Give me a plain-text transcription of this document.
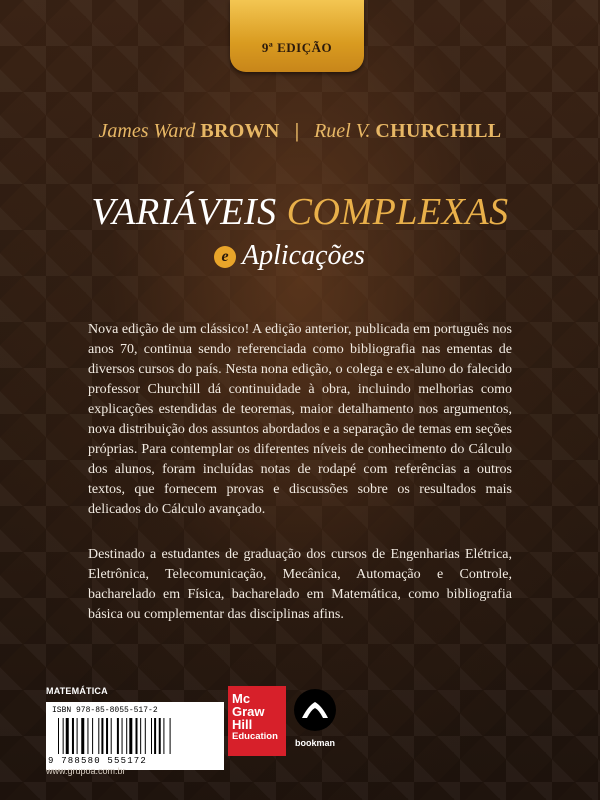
9ª EDIÇÃO
James Ward BROWN | Ruel V. CHURCHILL
VARIÁVEIS COMPLEXAS
e Aplicações

Nova edição de um clássico! A edição anterior, publicada em português nos anos 70, continua sendo referenciada como bibliografia nas ementas de diversos cursos do país. Nesta nona edição, o colega e ex-aluno do falecido professor Churchill dá continuidade à obra, incluindo melhorias como explicações estendidas de teoremas, maior detalhamento nos argumentos, nova distribuição dos assuntos abordados e a separação de temas em seções próprias. Para contemplar os diferentes níveis de conhecimento do Cálculo dos alunos, foram incluídas notas de rodapé com referências a outros textos, que fornecem provas e discussões sobre os resultados mais delicados do Cálculo avançado.

Destinado a estudantes de graduação dos cursos de Engenharias Elétrica, Eletrônica, Telecomunicação, Mecânica, Automação e Controle, bacharelado em Física, bacharelado em Matemática, como bibliografia básica ou complementar das disciplinas afins.

MATEMÁTICA
ISBN 978-85-8055-517-2
9 788580 555172
Mc
Graw
Hill
Education
bookman
www.grupoa.com.br
